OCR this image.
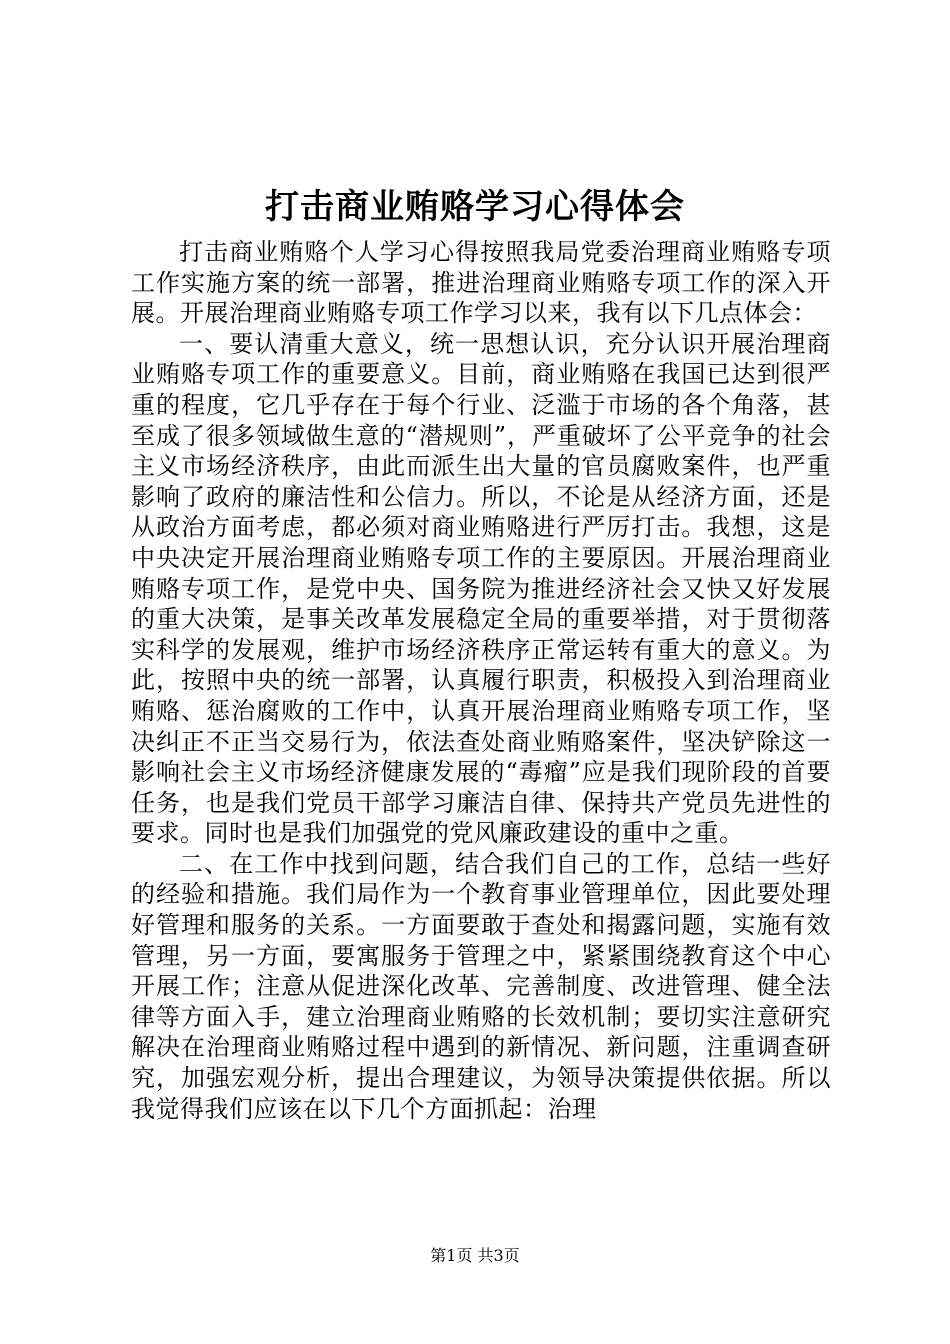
打击商业贿赂学习心得体会

打击商业贿赂个人学习心得按照我局党委治理商业贿赂专项工作实施方案的统一部署，推进治理商业贿赂专项工作的深入开展。开展治理商业贿赂专项工作学习以来，我有以下几点体会：

一、要认清重大意义，统一思想认识，充分认识开展治理商业贿赂专项工作的重要意义。目前，商业贿赂在我国已达到很严重的程度，它几乎存在于每个行业、泛滥于市场的各个角落，甚至成了很多领域做生意的“潜规则”，严重破坏了公平竞争的社会主义市场经济秩序，由此而派生出大量的官员腐败案件，也严重影响了政府的廉洁性和公信力。所以，不论是从经济方面，还是从政治方面考虑，都必须对商业贿赂进行严厉打击。我想，这是中央决定开展治理商业贿赂专项工作的主要原因。开展治理商业贿赂专项工作，是党中央、国务院为推进经济社会又快又好发展的重大决策，是事关改革发展稳定全局的重要举措，对于贯彻落实科学的发展观，维护市场经济秩序正常运转有重大的意义。为此，按照中央的统一部署，认真履行职责，积极投入到治理商业贿赂、惩治腐败的工作中，认真开展治理商业贿赂专项工作，坚决纠正不正当交易行为，依法查处商业贿赂案件，坚决铲除这一影响社会主义市场经济健康发展的“毒瘤”应是我们现阶段的首要任务，也是我们党员干部学习廉洁自律、保持共产党员先进性的要求。同时也是我们加强党的党风廉政建设的重中之重。

二、在工作中找到问题，结合我们自己的工作，总结一些好的经验和措施。我们局作为一个教育事业管理单位，因此要处理好管理和服务的关系。一方面要敢于查处和揭露问题，实施有效管理，另一方面，要寓服务于管理之中，紧紧围绕教育这个中心开展工作；注意从促进深化改革、完善制度、改进管理、健全法律等方面入手，建立治理商业贿赂的长效机制；要切实注意研究解决在治理商业贿赂过程中遇到的新情况、新问题，注重调查研究，加强宏观分析，提出合理建议，为领导决策提供依据。所以我觉得我们应该在以下几个方面抓起：治理

第1页 共3页
